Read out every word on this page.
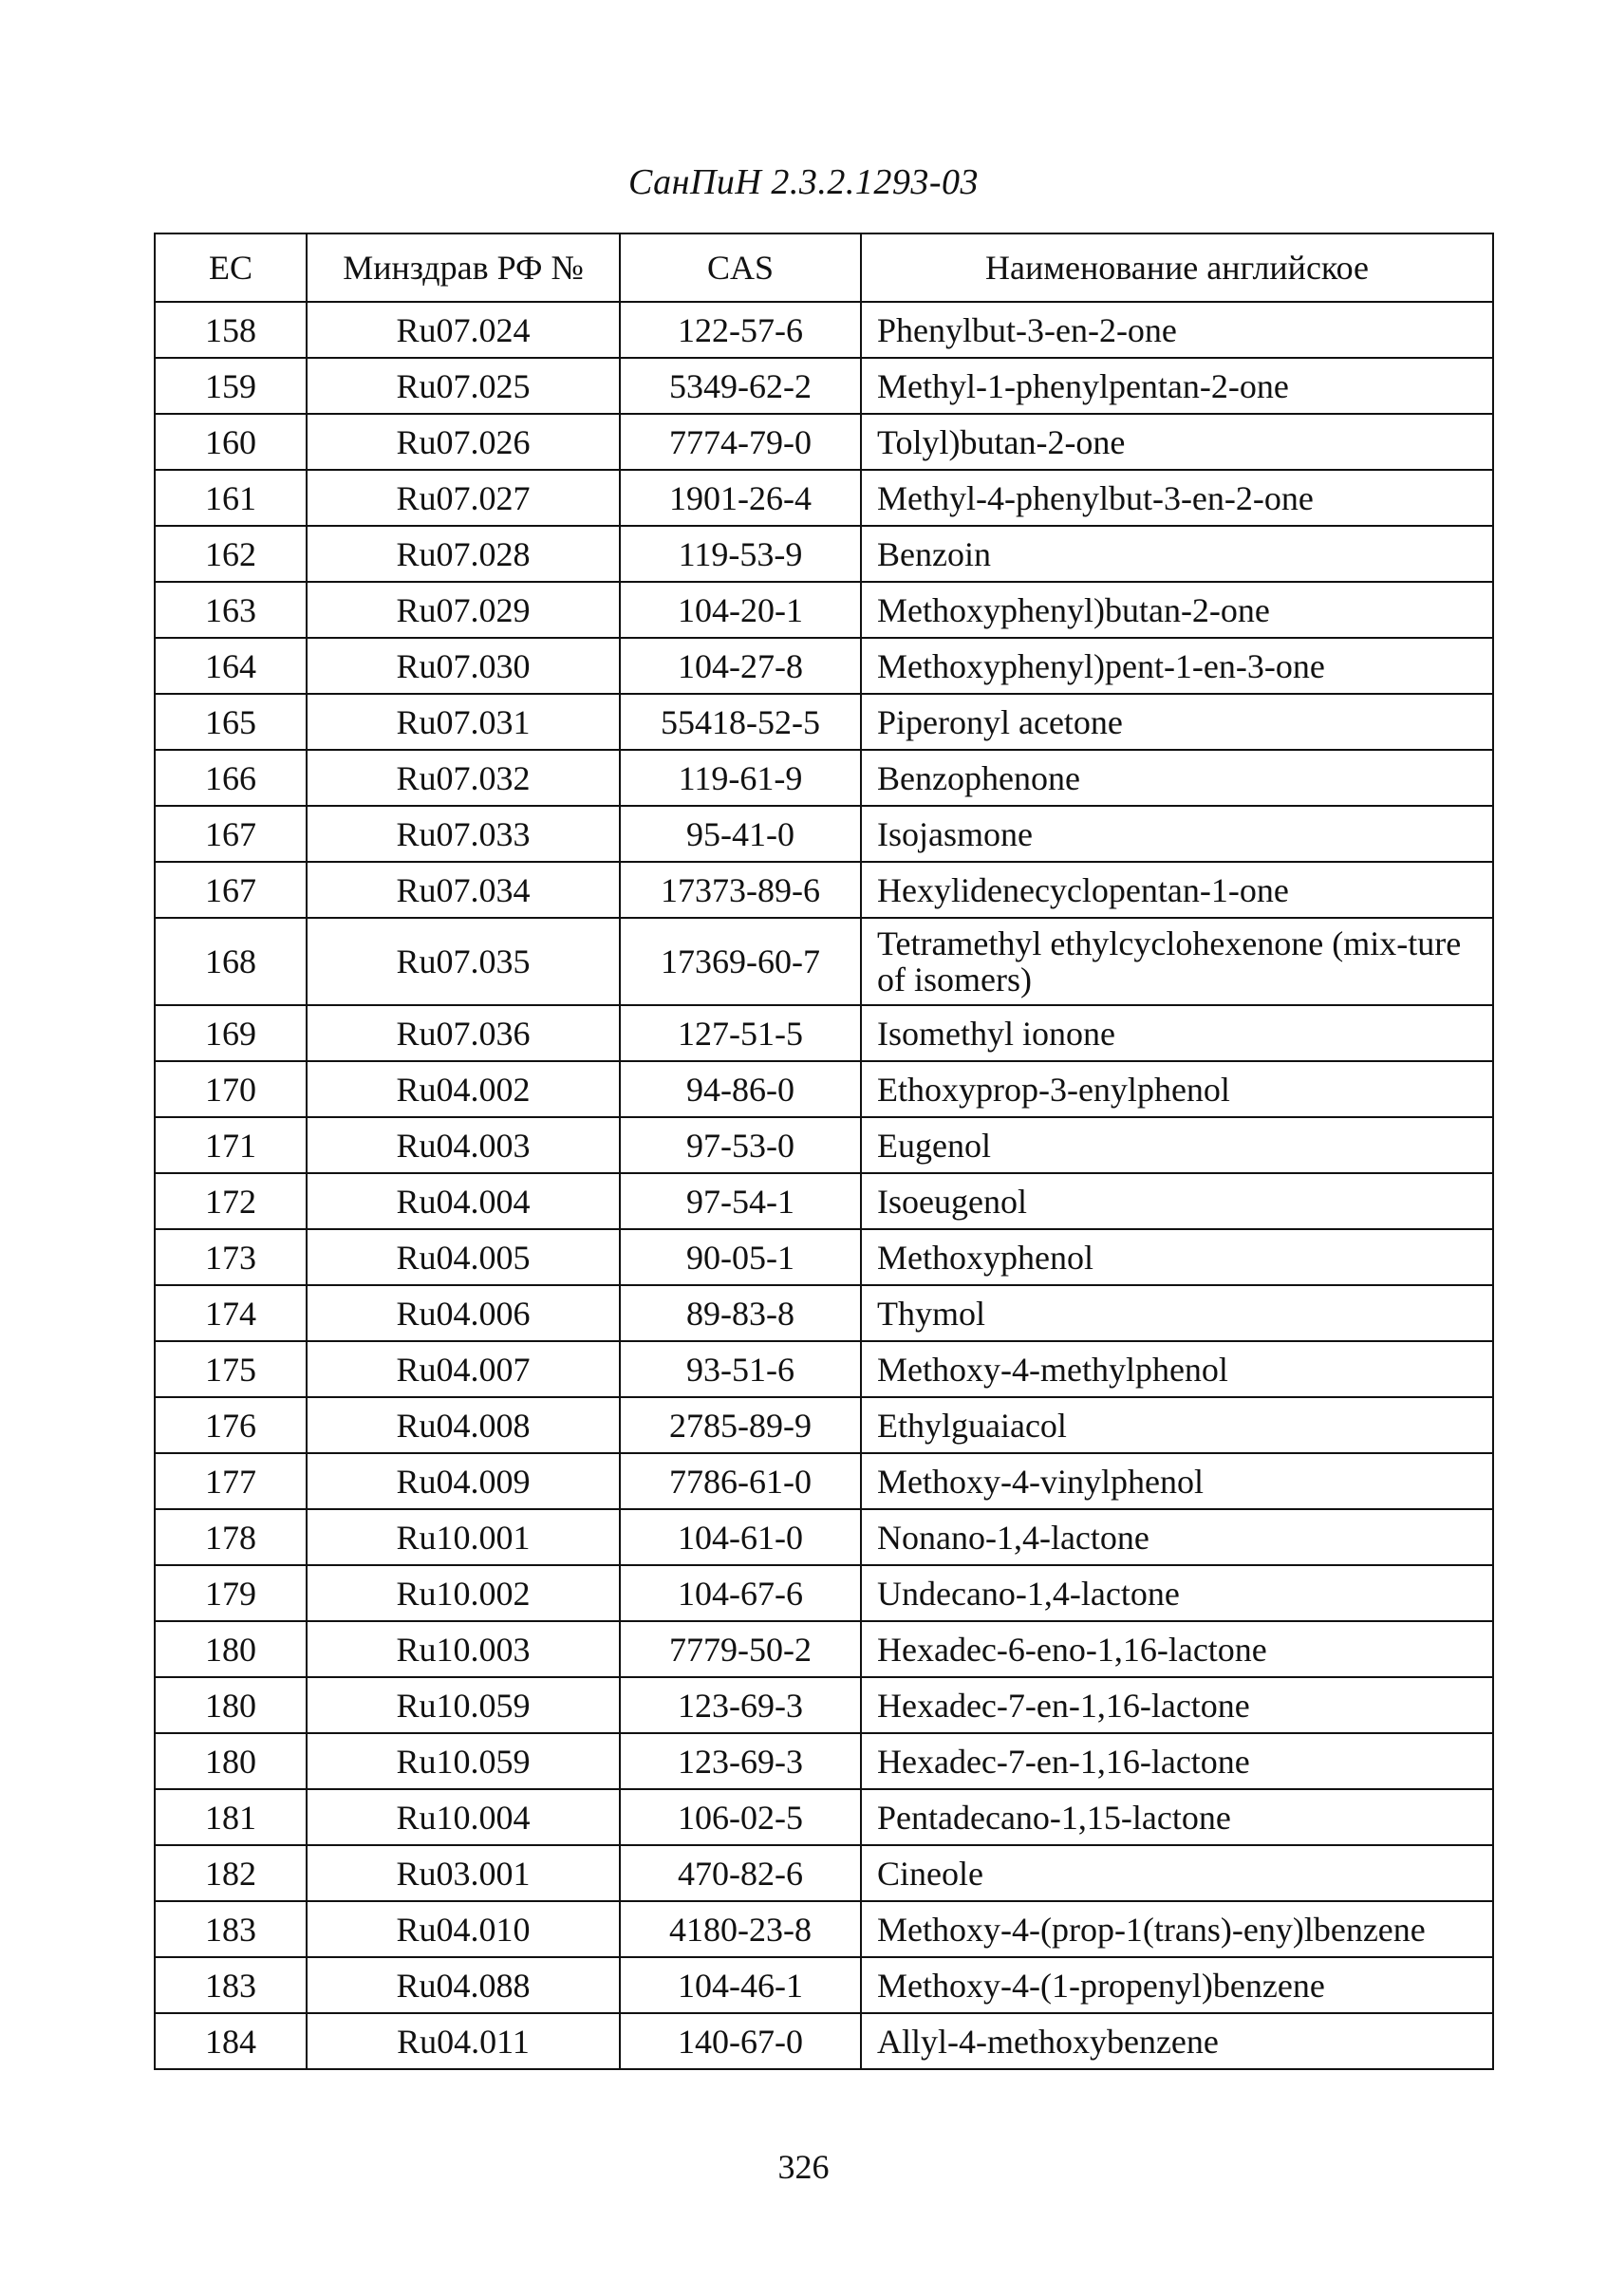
СанПиН 2.3.2.1293-03
ЕС	Минздрав РФ №	CAS	Наименование английское
158	Ru07.024	122-57-6	Phenylbut-3-en-2-one
159	Ru07.025	5349-62-2	Methyl-1-phenylpentan-2-one
160	Ru07.026	7774-79-0	Tolyl)butan-2-one
161	Ru07.027	1901-26-4	Methyl-4-phenylbut-3-en-2-one
162	Ru07.028	119-53-9	Benzoin
163	Ru07.029	104-20-1	Methoxyphenyl)butan-2-one
164	Ru07.030	104-27-8	Methoxyphenyl)pent-1-en-3-one
165	Ru07.031	55418-52-5	Piperonyl acetone
166	Ru07.032	119-61-9	Benzophenone
167	Ru07.033	95-41-0	Isojasmone
167	Ru07.034	17373-89-6	Hexylidenecyclopentan-1-one
168	Ru07.035	17369-60-7	Tetramethyl ethylcyclohexenone (mix-ture of isomers)
169	Ru07.036	127-51-5	Isomethyl ionone
170	Ru04.002	94-86-0	Ethoxyprop-3-enylphenol
171	Ru04.003	97-53-0	Eugenol
172	Ru04.004	97-54-1	Isoeugenol
173	Ru04.005	90-05-1	Methoxyphenol
174	Ru04.006	89-83-8	Thymol
175	Ru04.007	93-51-6	Methoxy-4-methylphenol
176	Ru04.008	2785-89-9	Ethylguaiacol
177	Ru04.009	7786-61-0	Methoxy-4-vinylphenol
178	Ru10.001	104-61-0	Nonano-1,4-lactone
179	Ru10.002	104-67-6	Undecano-1,4-lactone
180	Ru10.003	7779-50-2	Hexadec-6-eno-1,16-lactone
180	Ru10.059	123-69-3	Hexadec-7-en-1,16-lactone
180	Ru10.059	123-69-3	Hexadec-7-en-1,16-lactone
181	Ru10.004	106-02-5	Pentadecano-1,15-lactone
182	Ru03.001	470-82-6	Cineole
183	Ru04.010	4180-23-8	Methoxy-4-(prop-1(trans)-eny)lbenzene
183	Ru04.088	104-46-1	Methoxy-4-(1-propenyl)benzene
184	Ru04.011	140-67-0	Allyl-4-methoxybenzene
326
